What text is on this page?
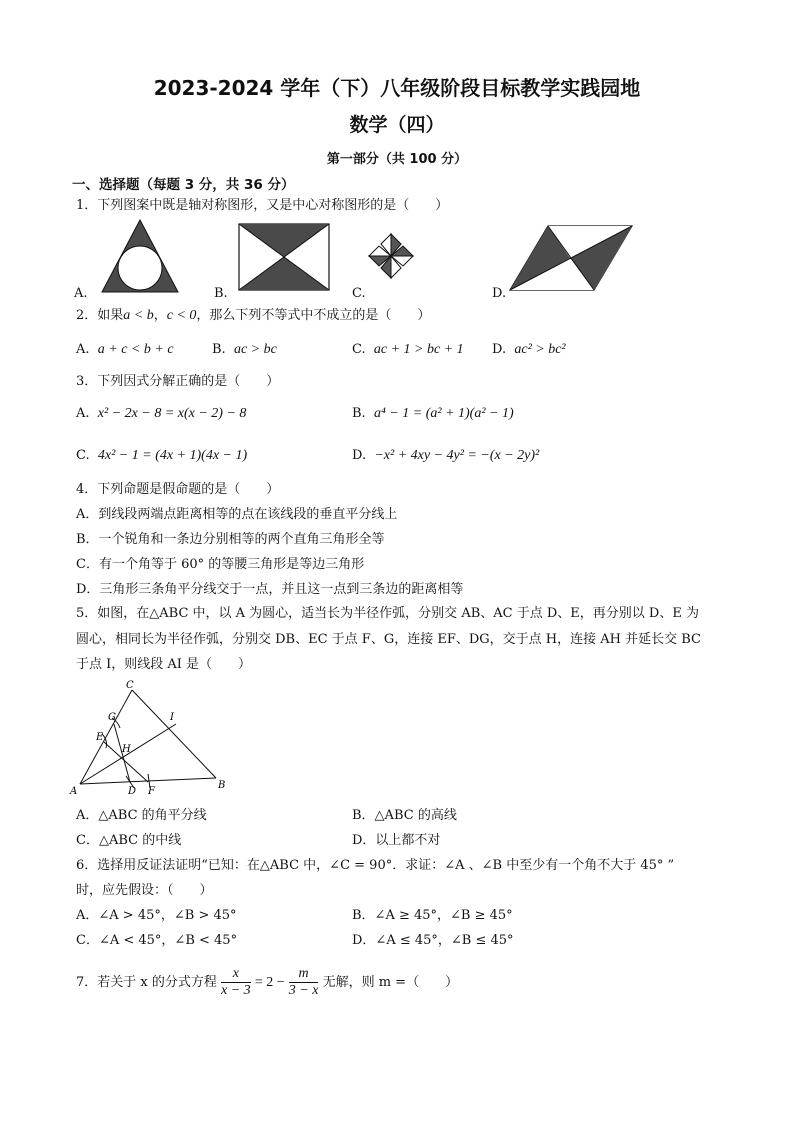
2023-2024 学年（下）八年级阶段目标教学实践园地
数学（四）
第一部分（共 100 分）
一、选择题（每题 3 分，共 36 分）
1．下列图案中既是轴对称图形，又是中心对称图形的是（　　）
A.	B.	C.	D.
2．如果a < b，c < 0，那么下列不等式中不成立的是（　　）
A. a + c < b + c	B. ac > bc	C. ac + 1 > bc + 1 D. ac² > bc²
3．下列因式分解正确的是（　　）
A. x² − 2x − 8 = x(x − 2) − 8	B. a⁴ − 1 = (a² + 1)(a² − 1)
C. 4x² − 1 = (4x + 1)(4x − 1)	D. −x² + 4xy − 4y² = −(x − 2y)²
4．下列命题是假命题的是（　　）
A．到线段两端点距离相等的点在该线段的垂直平分线上
B．一个锐角和一条边分别相等的两个直角三角形全等
C．有一个角等于 60° 的等腰三角形是等边三角形
D．三角形三条角平分线交于一点，并且这一点到三条边的距离相等
5．如图，在△ABC 中，以 A 为圆心，适当长为半径作弧，分别交 AB、AC 于点 D、E，再分别以 D、E 为
圆心，相同长为半径作弧，分别交 DB、EC 于点 F、G，连接 EF、DG，交于点 H，连接 AH 并延长交 BC
于点 I，则线段 AI 是（　　）
C
A
B
D F
E
G
H
I
A．△ABC 的角平分线	B．△ABC 的高线
C．△ABC 的中线	D．以上都不对
6．选择用反证法证明“已知：在△ABC 中，∠C = 90°．求证：∠A 、∠B 中至少有一个角不大于 45° ”
时，应先假设：（　　）
A．∠A > 45°，∠B > 45°	B．∠A ≥ 45°，∠B ≥ 45°
C．∠A < 45°，∠B < 45°	D．∠A ≤ 45°，∠B ≤ 45°
7．若关于 x 的分式方程 $\frac{x}{x - 3} = 2 - \frac{m}{3 - x}$ 无解，则 m =（　　）
